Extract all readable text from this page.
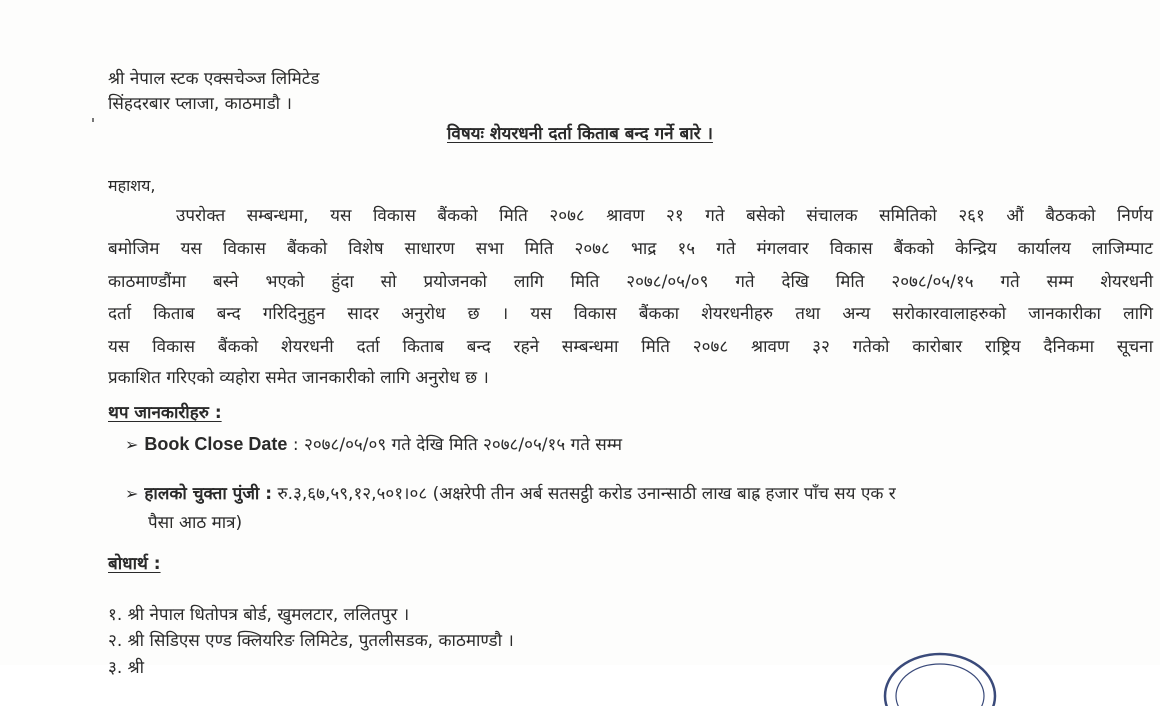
श्री नेपाल स्टक एक्सचेञ्ज लिमिटेड
सिंहदरबार प्लाजा, काठमाडौ ।
विषयः शेयरधनी दर्ता किताब बन्द गर्ने बारे ।
महाशय,
उपरोक्त सम्बन्धमा, यस विकास बैंकको मिति २०७८ श्रावण २१ गते बसेको संचालक समितिको २६१ औं बैठकको निर्णय
बमोजिम यस विकास बैंकको विशेष साधारण सभा मिति २०७८ भाद्र १५ गते मंगलवार विकास बैंकको केन्द्रिय कार्यालय लाजिम्पाट
काठमाण्डौंमा बस्ने भएको हुंदा सो प्रयोजनको लागि मिति २०७८/०५/०९ गते देखि मिति २०७८/०५/१५ गते सम्म शेयरधनी
दर्ता किताब बन्द गरिदिनुहुन सादर अनुरोध छ । यस विकास बैंकका शेयरधनीहरु तथा अन्य सरोकारवालाहरुको जानकारीका लागि
यस विकास बैंकको शेयरधनी दर्ता किताब बन्द रहने सम्बन्धमा मिति २०७८ श्रावण ३२ गतेको कारोबार राष्ट्रिय दैनिकमा सूचना
प्रकाशित गरिएको व्यहोरा समेत जानकारीको लागि अनुरोध छ ।
थप जानकारीहरु :
➢ Book Close Date : २०७८/०५/०९ गते देखि मिति २०७८/०५/१५ गते सम्म
➢ हालको चुक्ता पुंजी : रु.३,६७,५९,१२,५०१।०८ (अक्षरेपी तीन अर्ब सतसट्ठी करोड उनान्साठी लाख बाह्र हजार पाँच सय एक र
पैसा आठ मात्र)
बोधार्थ :
१. श्री नेपाल धितोपत्र बोर्ड, खुमलटार, ललितपुर ।
२. श्री सिडिएस एण्ड क्लियरिङ लिमिटेड, पुतलीसडक, काठमाण्डौ ।
३. श्री
